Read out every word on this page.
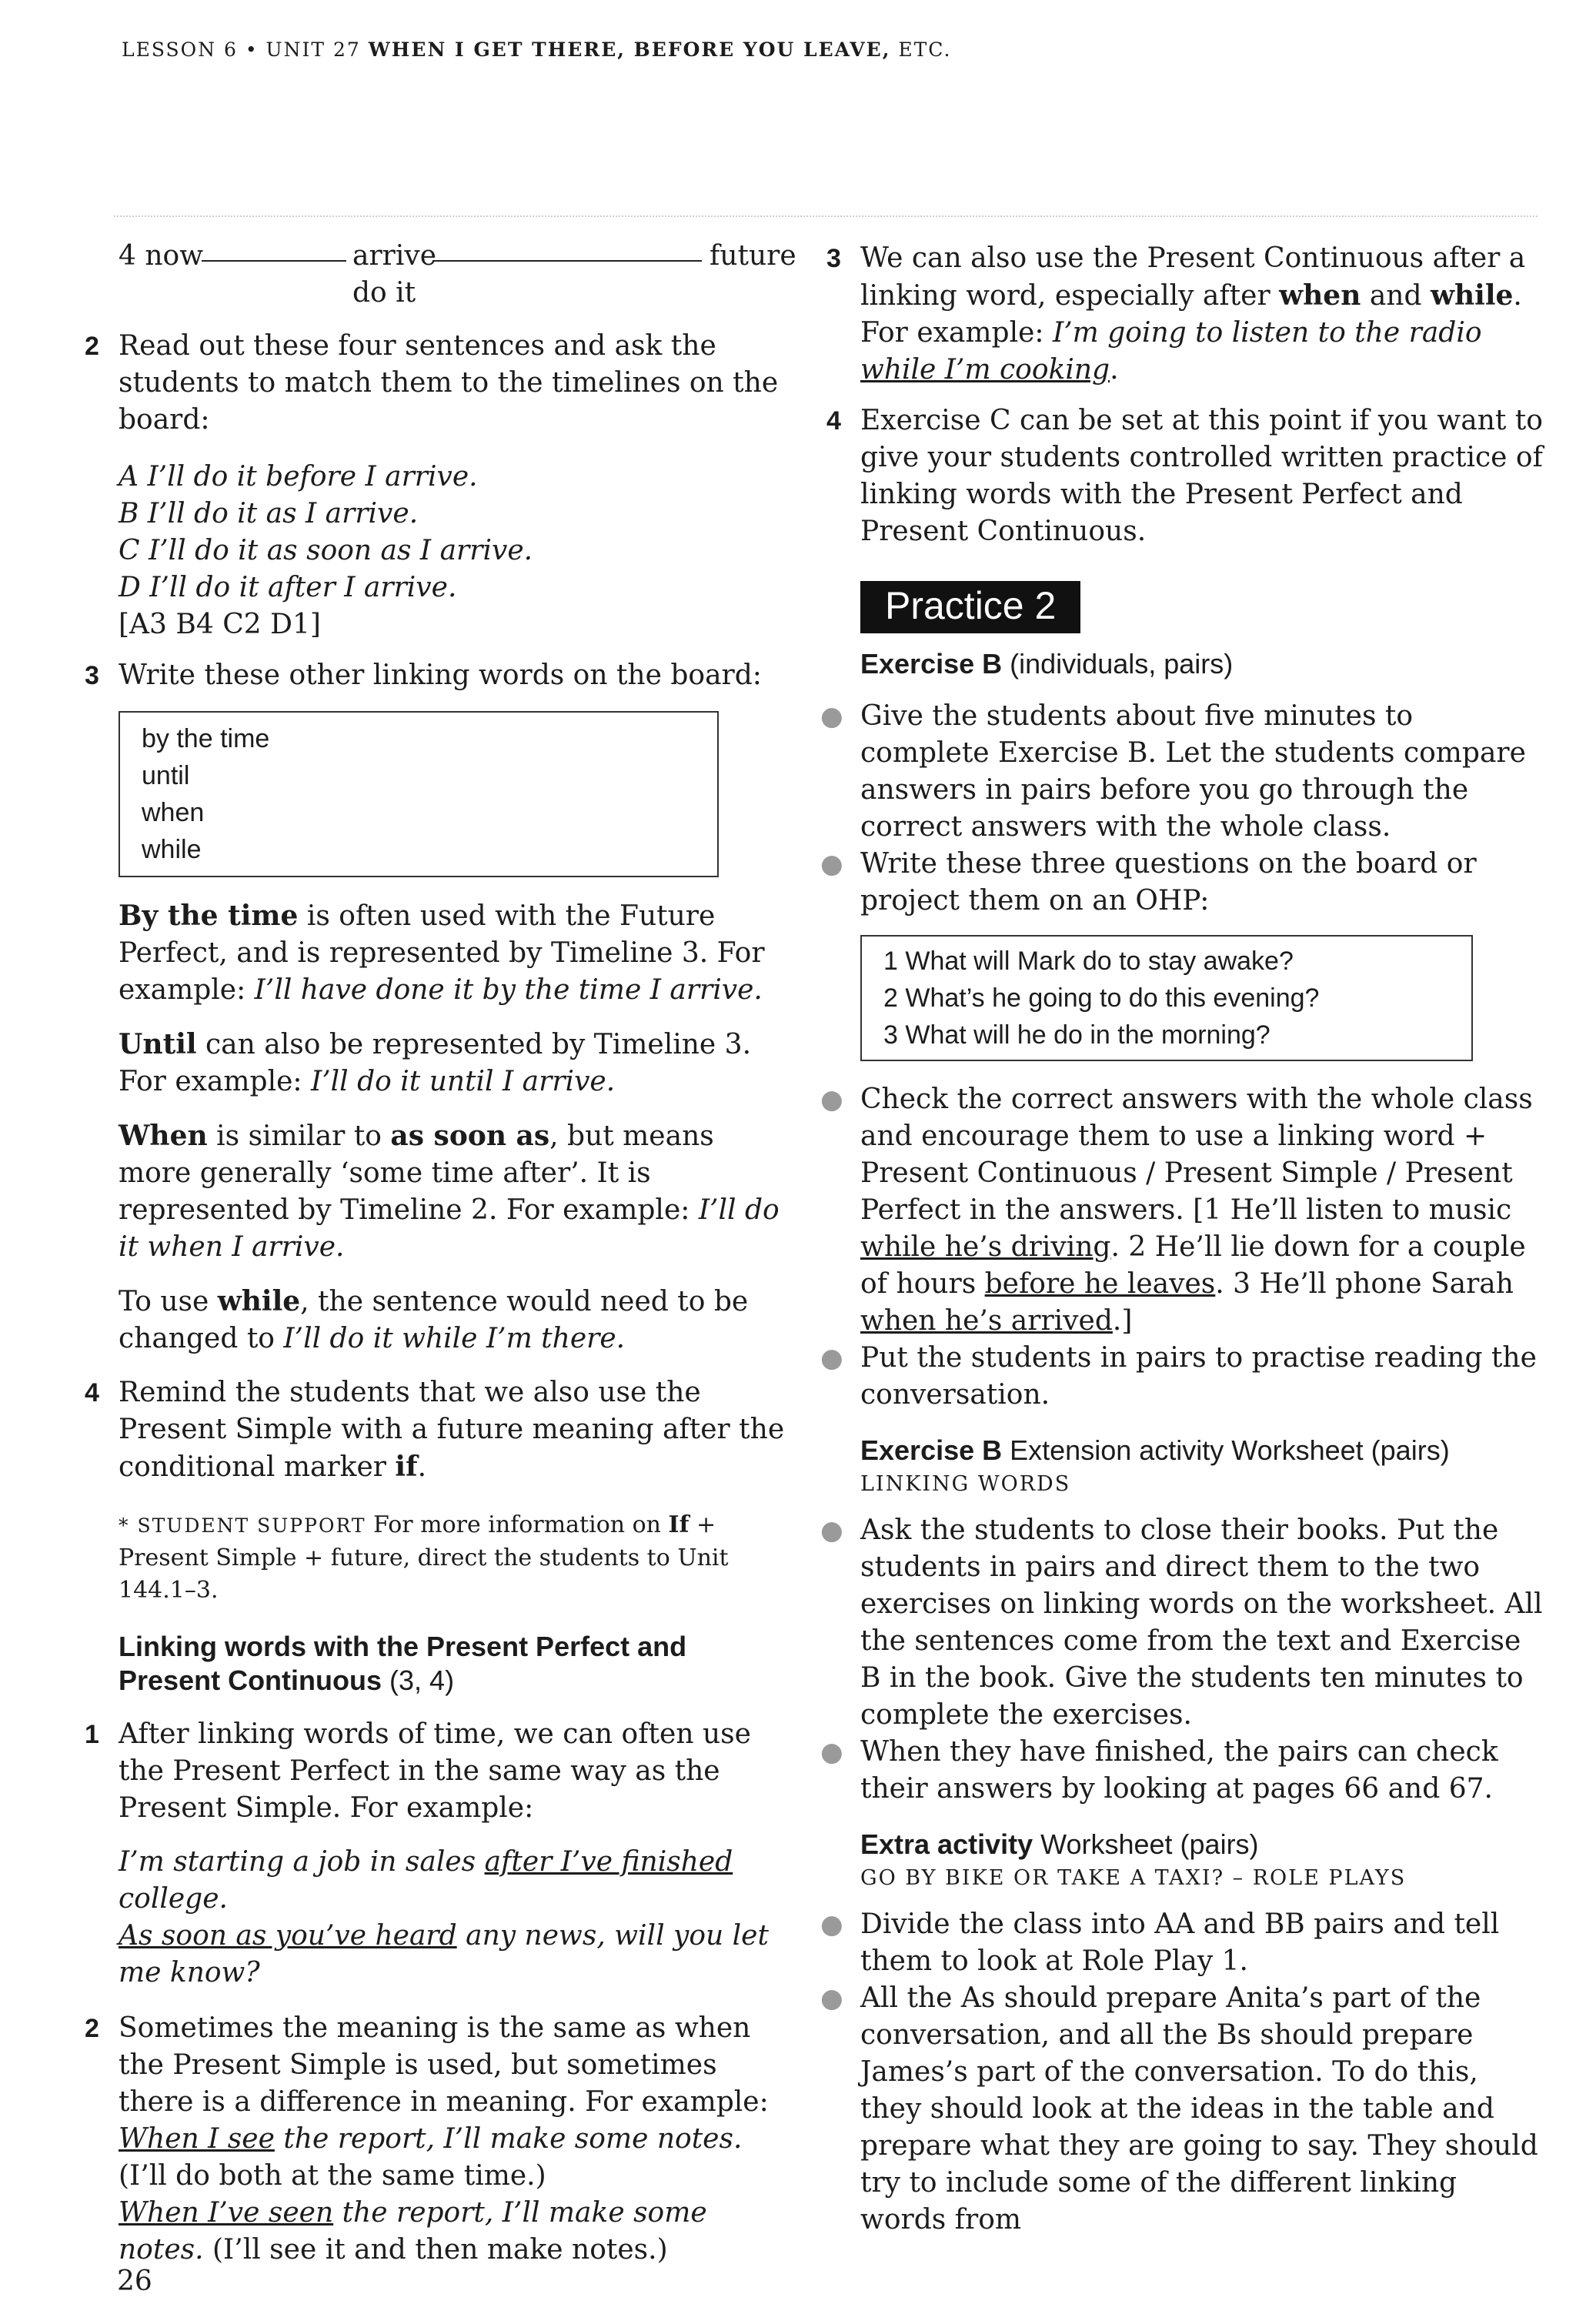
LESSON 6 • UNIT 27 WHEN I GET THERE, BEFORE YOU LEAVE, ETC.
4 now	arrive	future
do it
2 Read out these four sentences and ask the students to match them to the timelines on the board:

A I’ll do it before I arrive.
B I’ll do it as I arrive.
C I’ll do it as soon as I arrive.
D I’ll do it after I arrive.
[A3 B4 C2 D1]
3 Write these other linking words on the board:

by the time
until
when
while

By the time is often used with the Future Perfect, and is represented by Timeline 3. For example: I’ll have done it by the time I arrive.

Until can also be represented by Timeline 3. For example: I’ll do it until I arrive.

When is similar to as soon as, but means more generally ‘some time after’. It is represented by Timeline 2. For example: I’ll do it when I arrive.

To use while, the sentence would need to be changed to I’ll do it while I’m there.

4 Remind the students that we also use the Present Simple with a future meaning after the conditional marker if.

* STUDENT SUPPORT For more information on If + Present Simple + future, direct the students to Unit 144.1–3.

Linking words with the Present Perfect and Present Continuous (3, 4)

1 After linking words of time, we can often use the Present Perfect in the same way as the Present Simple. For example:

I’m starting a job in sales after I’ve finished college.
As soon as you’ve heard any news, will you let me know?

2 Sometimes the meaning is the same as when the Present Simple is used, but sometimes there is a difference in meaning. For example:

When I see the report, I’ll make some notes. (I’ll do both at the same time.)

When I’ve seen the report, I’ll make some notes. (I’ll see it and then make notes.)

3 We can also use the Present Continuous after a linking word, especially after when and while. For example: I’m going to listen to the radio while I’m cooking.

4 Exercise C can be set at this point if you want to give your students controlled written practice of linking words with the Present Perfect and Present Continuous.

Practice 2

Exercise B (individuals, pairs)

● Give the students about five minutes to complete Exercise B. Let the students compare answers in pairs before you go through the correct answers with the whole class.

● Write these three questions on the board or project them on an OHP:

1 What will Mark do to stay awake?
2 What’s he going to do this evening?
3 What will he do in the morning?
● Check the correct answers with the whole class and encourage them to use a linking word + Present Continuous / Present Simple / Present Perfect in the answers. [1 He’ll listen to music while he’s driving. 2 He’ll lie down for a couple of hours before he leaves. 3 He’ll phone Sarah when he’s arrived.]

● Put the students in pairs to practise reading the conversation.

Exercise B Extension activity Worksheet (pairs)

LINKING WORDS

● Ask the students to close their books. Put the students in pairs and direct them to the two exercises on linking words on the worksheet. All the sentences come from the text and Exercise B in the book. Give the students ten minutes to complete the exercises.

● When they have finished, the pairs can check their answers by looking at pages 66 and 67.

Extra activity Worksheet (pairs)

GO BY BIKE OR TAKE A TAXI? – ROLE PLAYS

● Divide the class into AA and BB pairs and tell them to look at Role Play 1.

● All the As should prepare Anita’s part of the conversation, and all the Bs should prepare James’s part of the conversation. To do this, they should look at the ideas in the table and prepare what they are going to say. They should try to include some of the different linking words from

26
